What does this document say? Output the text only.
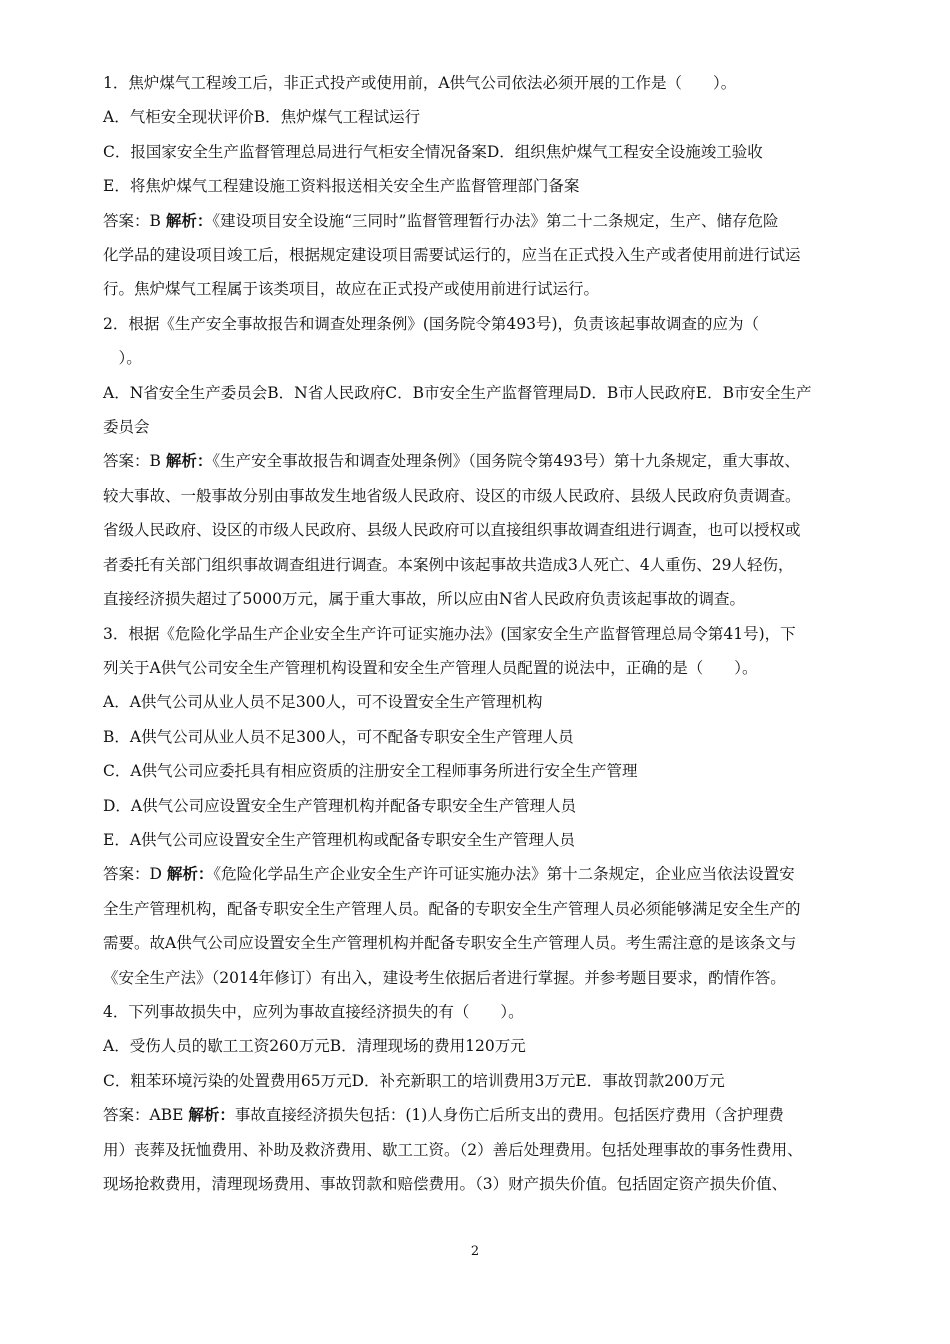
1．焦炉煤气工程竣工后，非正式投产或使用前，A供气公司依法必须开展的工作是（　　）。

A．气柜安全现状评价B．焦炉煤气工程试运行

C．报国家安全生产监督管理总局进行气柜安全情况备案D．组织焦炉煤气工程安全设施竣工验收

E．将焦炉煤气工程建设施工资料报送相关安全生产监督管理部门备案

答案：B 解析：《建设项目安全设施“三同时”监督管理暂行办法》第二十二条规定，生产、储存危险

化学品的建设项目竣工后，根据规定建设项目需要试运行的，应当在正式投入生产或者使用前进行试运

行。焦炉煤气工程属于该类项目，故应在正式投产或使用前进行试运行。

2．根据《生产安全事故报告和调查处理条例》(国务院令第493号)，负责该起事故调查的应为（

　）。

A．N省安全生产委员会B．N省人民政府C．B市安全生产监督管理局D．B市人民政府E．B市安全生产

委员会

答案：B 解析：《生产安全事故报告和调查处理条例》（国务院令第493号）第十九条规定，重大事故、

较大事故、一般事故分别由事故发生地省级人民政府、设区的市级人民政府、县级人民政府负责调查。

省级人民政府、设区的市级人民政府、县级人民政府可以直接组织事故调查组进行调查，也可以授权或

者委托有关部门组织事故调查组进行调查。本案例中该起事故共造成3人死亡、4人重伤、29人轻伤，

直接经济损失超过了5000万元，属于重大事故，所以应由N省人民政府负责该起事故的调查。

3．根据《危险化学品生产企业安全生产许可证实施办法》(国家安全生产监督管理总局令第41号)，下

列关于A供气公司安全生产管理机构设置和安全生产管理人员配置的说法中，正确的是（　　）。

A．A供气公司从业人员不足300人，可不设置安全生产管理机构

B．A供气公司从业人员不足300人，可不配备专职安全生产管理人员

C．A供气公司应委托具有相应资质的注册安全工程师事务所进行安全生产管理

D．A供气公司应设置安全生产管理机构并配备专职安全生产管理人员

E．A供气公司应设置安全生产管理机构或配备专职安全生产管理人员

答案：D 解析：《危险化学品生产企业安全生产许可证实施办法》第十二条规定，企业应当依法设置安

全生产管理机构，配备专职安全生产管理人员。配备的专职安全生产管理人员必须能够满足安全生产的

需要。故A供气公司应设置安全生产管理机构并配备专职安全生产管理人员。考生需注意的是该条文与

《安全生产法》（2014年修订）有出入，建设考生依据后者进行掌握。并参考题目要求，酌情作答。

4．下列事故损失中，应列为事故直接经济损失的有（　　）。

A．受伤人员的歇工工资260万元B．清理现场的费用120万元

C．粗苯环境污染的处置费用65万元D．补充新职工的培训费用3万元E．事故罚款200万元

答案：ABE 解析：事故直接经济损失包括：(1)人身伤亡后所支出的费用。包括医疗费用（含护理费

用）丧葬及抚恤费用、补助及救济费用、歇工工资。（2）善后处理费用。包括处理事故的事务性费用、

现场抢救费用，清理现场费用、事故罚款和赔偿费用。（3）财产损失价值。包括固定资产损失价值、

2
